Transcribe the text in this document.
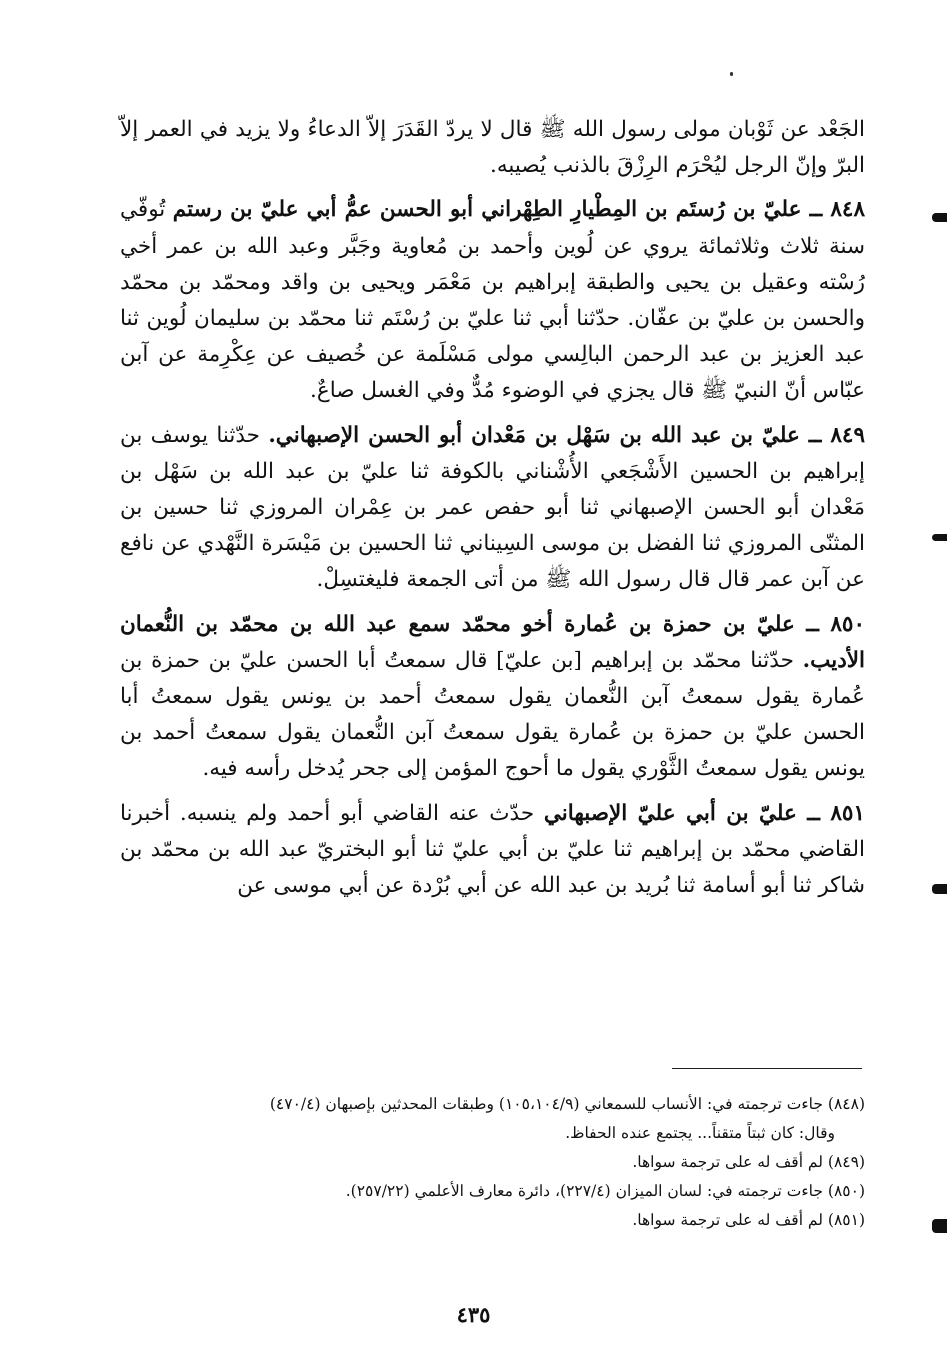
الجَعْد عن ثَوْبان مولى رسول الله ﷺ قال لا يردّ القَدَرَ إلاّ الدعاءُ ولا يزيد في العمر إلاّ البرّ وإنّ الرجل ليُحْرَم الرِزْقَ بالذنب يُصيبه.

٨٤٨ ــ عليّ بن رُستَم بن المِطْيارِ الطِهْراني أبو الحسن عمُّ أبي عليّ بن رستم تُوفّي سنة ثلاث وثلاثمائة يروي عن لُوين وأحمد بن مُعاوية وجَبَّر وعبد الله بن عمر أخي رُسْته وعقيل بن يحيى والطبقة إبراهيم بن مَعْمَر ويحيى بن واقد ومحمّد بن محمّد والحسن بن عليّ بن عفّان. حدّثنا أبي ثنا عليّ بن رُسْتَم ثنا محمّد بن سليمان لُوين ثنا عبد العزيز بن عبد الرحمن البالِسي مولى مَسْلَمة عن خُصيف عن عِكْرِمة عن آبن عبّاس أنّ النبيّ ﷺ قال يجزي في الوضوء مُدٌّ وفي الغسل صاعٌ.

٨٤٩ ــ عليّ بن عبد الله بن سَهْل بن مَعْدان أبو الحسن الإصبهاني. حدّثنا يوسف بن إبراهيم بن الحسين الأَشْجَعي الأُشْناني بالكوفة ثنا عليّ بن عبد الله بن سَهْل بن مَعْدان أبو الحسن الإصبهاني ثنا أبو حفص عمر بن عِمْران المروزي ثنا حسين بن المثنّى المروزي ثنا الفضل بن موسى السِيناني ثنا الحسين بن مَيْسَرة النَّهْدي عن نافع عن آبن عمر قال قال رسول الله ﷺ من أتى الجمعة فليغتسِلْ.

٨٥٠ ــ عليّ بن حمزة بن عُمارة أخو محمّد سمع عبد الله بن محمّد بن النُّعمان الأديب. حدّثنا محمّد بن إبراهيم [بن عليّ] قال سمعتُ أبا الحسن عليّ بن حمزة بن عُمارة يقول سمعتُ آبن النُّعمان يقول سمعتُ أحمد بن يونس يقول سمعتُ أبا الحسن عليّ بن حمزة بن عُمارة يقول سمعتُ آبن النُّعمان يقول سمعتُ أحمد بن يونس يقول سمعتُ الثَّوْري يقول ما أحوج المؤمن إلى جحر يُدخل رأسه فيه.

٨٥١ ــ عليّ بن أبي عليّ الإصبهاني حدّث عنه القاضي أبو أحمد ولم ينسبه. أخبرنا القاضي محمّد بن إبراهيم ثنا عليّ بن أبي عليّ ثنا أبو البختريّ عبد الله بن محمّد بن شاكر ثنا أبو أسامة ثنا بُريد بن عبد الله عن أبي بُرْدة عن أبي موسى عن

(٨٤٨) جاءت ترجمته في: الأنساب للسمعاني (١٠٥،١٠٤/٩) وطبقات المحدثين بإصبهان (٤٧٠/٤)

وقال: كان ثبتاً متقناً... يجتمع عنده الحفاظ.

(٨٤٩) لم أقف له على ترجمة سواها.

(٨٥٠) جاءت ترجمته في: لسان الميزان (٢٢٧/٤)، دائرة معارف الأعلمي (٢٥٧/٢٢).

(٨٥١) لم أقف له على ترجمة سواها.

٤٣٥
